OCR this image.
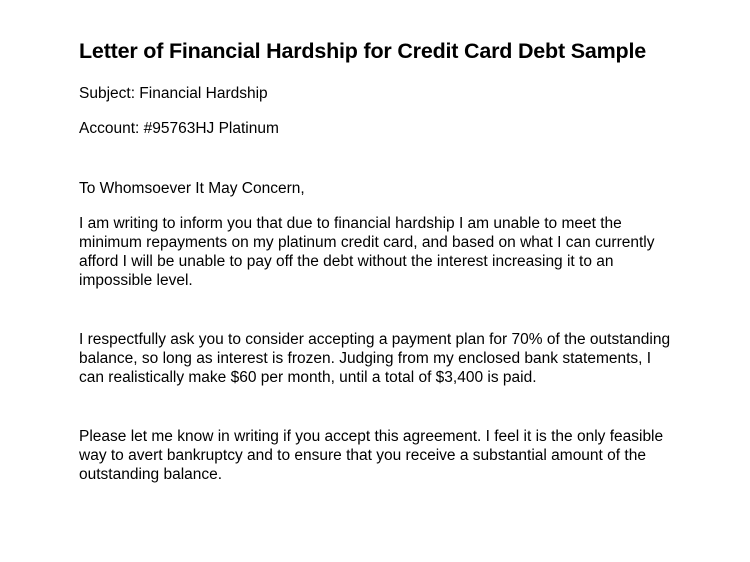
Letter of Financial Hardship for Credit Card Debt Sample

Subject: Financial Hardship

Account: #95763HJ Platinum

To Whomsoever It May Concern,

I am writing to inform you that due to financial hardship I am unable to meet the minimum repayments on my platinum credit card, and based on what I can currently afford I will be unable to pay off the debt without the interest increasing it to an impossible level.

I respectfully ask you to consider accepting a payment plan for 70% of the outstanding balance, so long as interest is frozen. Judging from my enclosed bank statements, I can realistically make $60 per month, until a total of $3,400 is paid.

Please let me know in writing if you accept this agreement. I feel it is the only feasible way to avert bankruptcy and to ensure that you receive a substantial amount of the outstanding balance.
